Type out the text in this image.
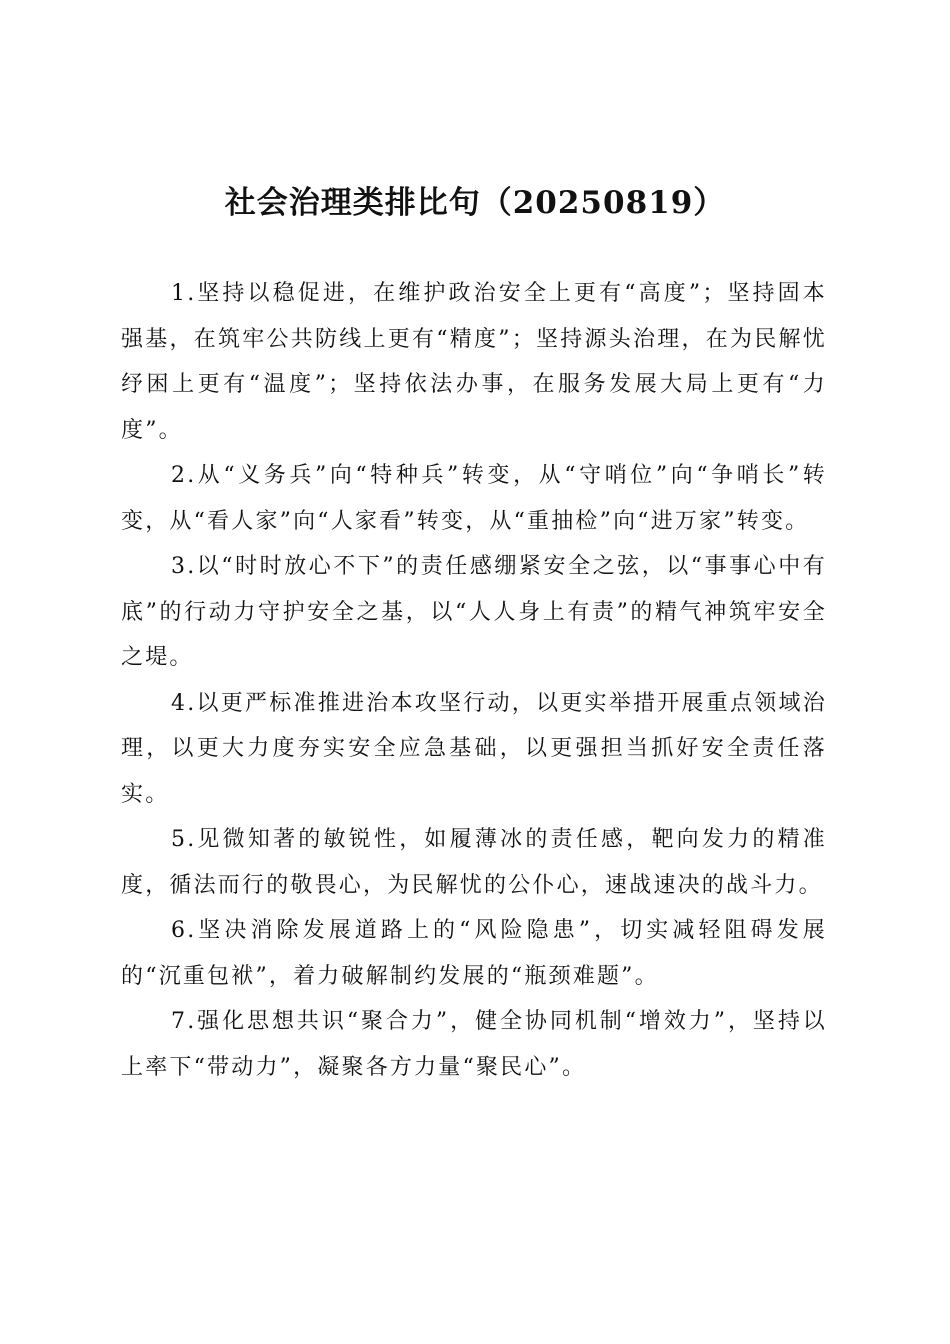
社会治理类排比句（20250819）

1.坚持以稳促进，在维护政治安全上更有“高度”；坚持固本强基，在筑牢公共防线上更有“精度”；坚持源头治理，在为民解忧纾困上更有“温度”；坚持依法办事，在服务发展大局上更有“力度”。

2.从“义务兵”向“特种兵”转变，从“守哨位”向“争哨长”转变，从“看人家”向“人家看”转变，从“重抽检”向“进万家”转变。

3.以“时时放心不下”的责任感绷紧安全之弦，以“事事心中有底”的行动力守护安全之基，以“人人身上有责”的精气神筑牢安全之堤。

4.以更严标准推进治本攻坚行动，以更实举措开展重点领域治理，以更大力度夯实安全应急基础，以更强担当抓好安全责任落实。

5.见微知著的敏锐性，如履薄冰的责任感，靶向发力的精准度，循法而行的敬畏心，为民解忧的公仆心，速战速决的战斗力。

6.坚决消除发展道路上的“风险隐患”，切实减轻阻碍发展的“沉重包袱”，着力破解制约发展的“瓶颈难题”。

7.强化思想共识“聚合力”，健全协同机制“增效力”，坚持以上率下“带动力”，凝聚各方力量“聚民心”。
